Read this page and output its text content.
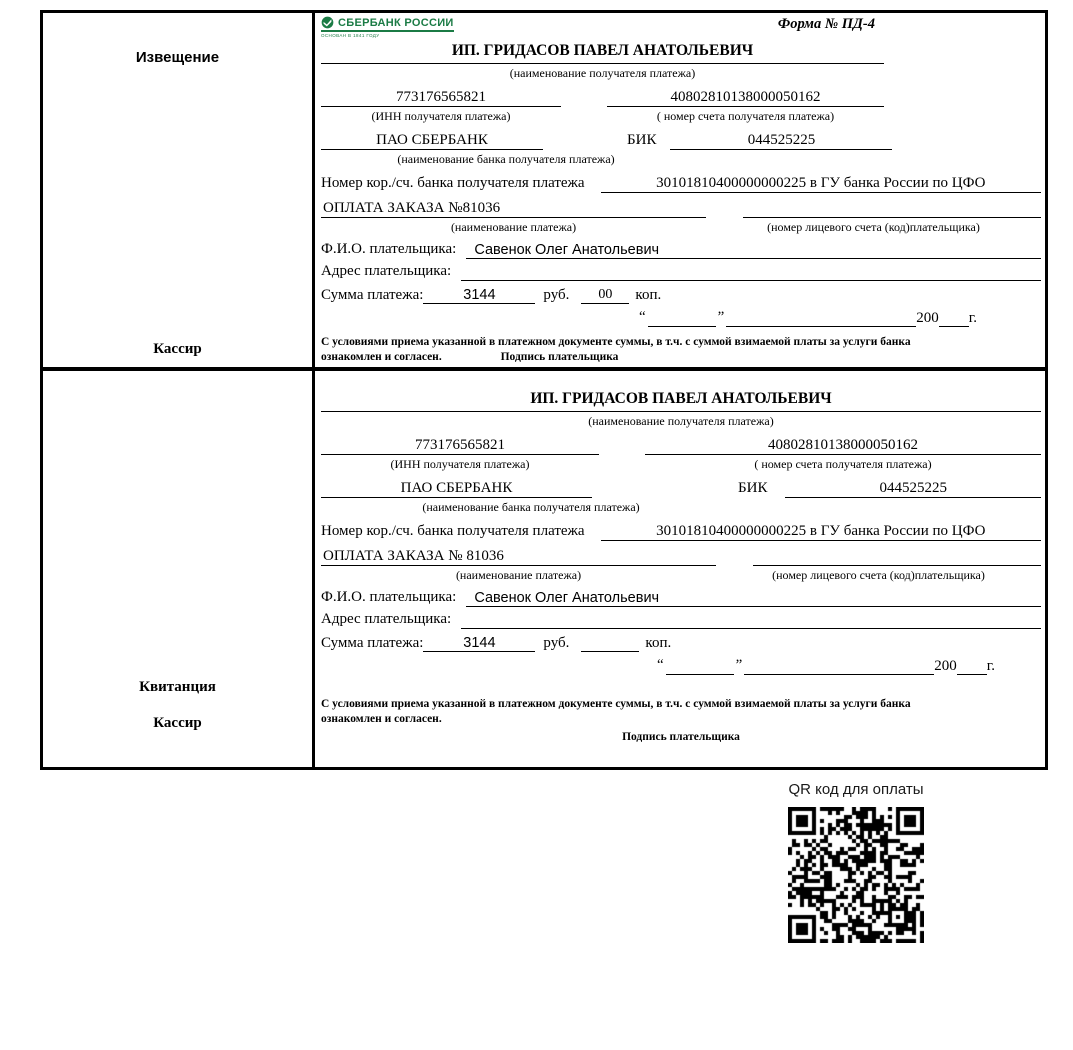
Извещение
Кассир
СБЕРБАНК РОССИИ
ОСНОВАН В 1841 ГОДУ
Форма № ПД-4
ИП. ГРИДАСОВ ПАВЕЛ АНАТОЛЬЕВИЧ
(наименование получателя платежа)
773176565821	40802810138000050162
(ИНН получателя платежа)	( номер счета получателя платежа)
ПАО СБЕРБАНК	БИК	044525225
(наименование банка получателя платежа)
Номер кор./сч. банка получателя платежа	30101810400000000225 в ГУ банка России по ЦФО
ОПЛАТА ЗАКАЗА №81036
(наименование платежа)	(номер лицевого счета (код)плательщика)
Ф.И.О. плательщика:	Савенок Олег Анатольевич
Адрес плательщика:
Сумма платежа:	3144	руб.	00	коп.
“	”	200 г.
С условиями приема указанной в платежном документе суммы, в т.ч. с суммой взимаемой платы за услуги банка
ознакомлен и согласен.	Подпись плательщика
Квитанция
Кассир
ИП. ГРИДАСОВ ПАВЕЛ АНАТОЛЬЕВИЧ
(наименование получателя платежа)
773176565821	40802810138000050162
(ИНН получателя платежа)	( номер счета получателя платежа)
ПАО СБЕРБАНК	БИК	044525225
(наименование банка получателя платежа)
Номер кор./сч. банка получателя платежа	30101810400000000225 в ГУ банка России по ЦФО
ОПЛАТА ЗАКАЗА № 81036
(наименование платежа)	(номер лицевого счета (код)плательщика)
Ф.И.О. плательщика:	Савенок Олег Анатольевич
Адрес плательщика:
Сумма платежа:	3144	руб.	коп.
“	”	200 г.
С условиями приема указанной в платежном документе суммы, в т.ч. с суммой взимаемой платы за услуги банка
ознакомлен и согласен.
Подпись плательщика
QR код для оплаты
